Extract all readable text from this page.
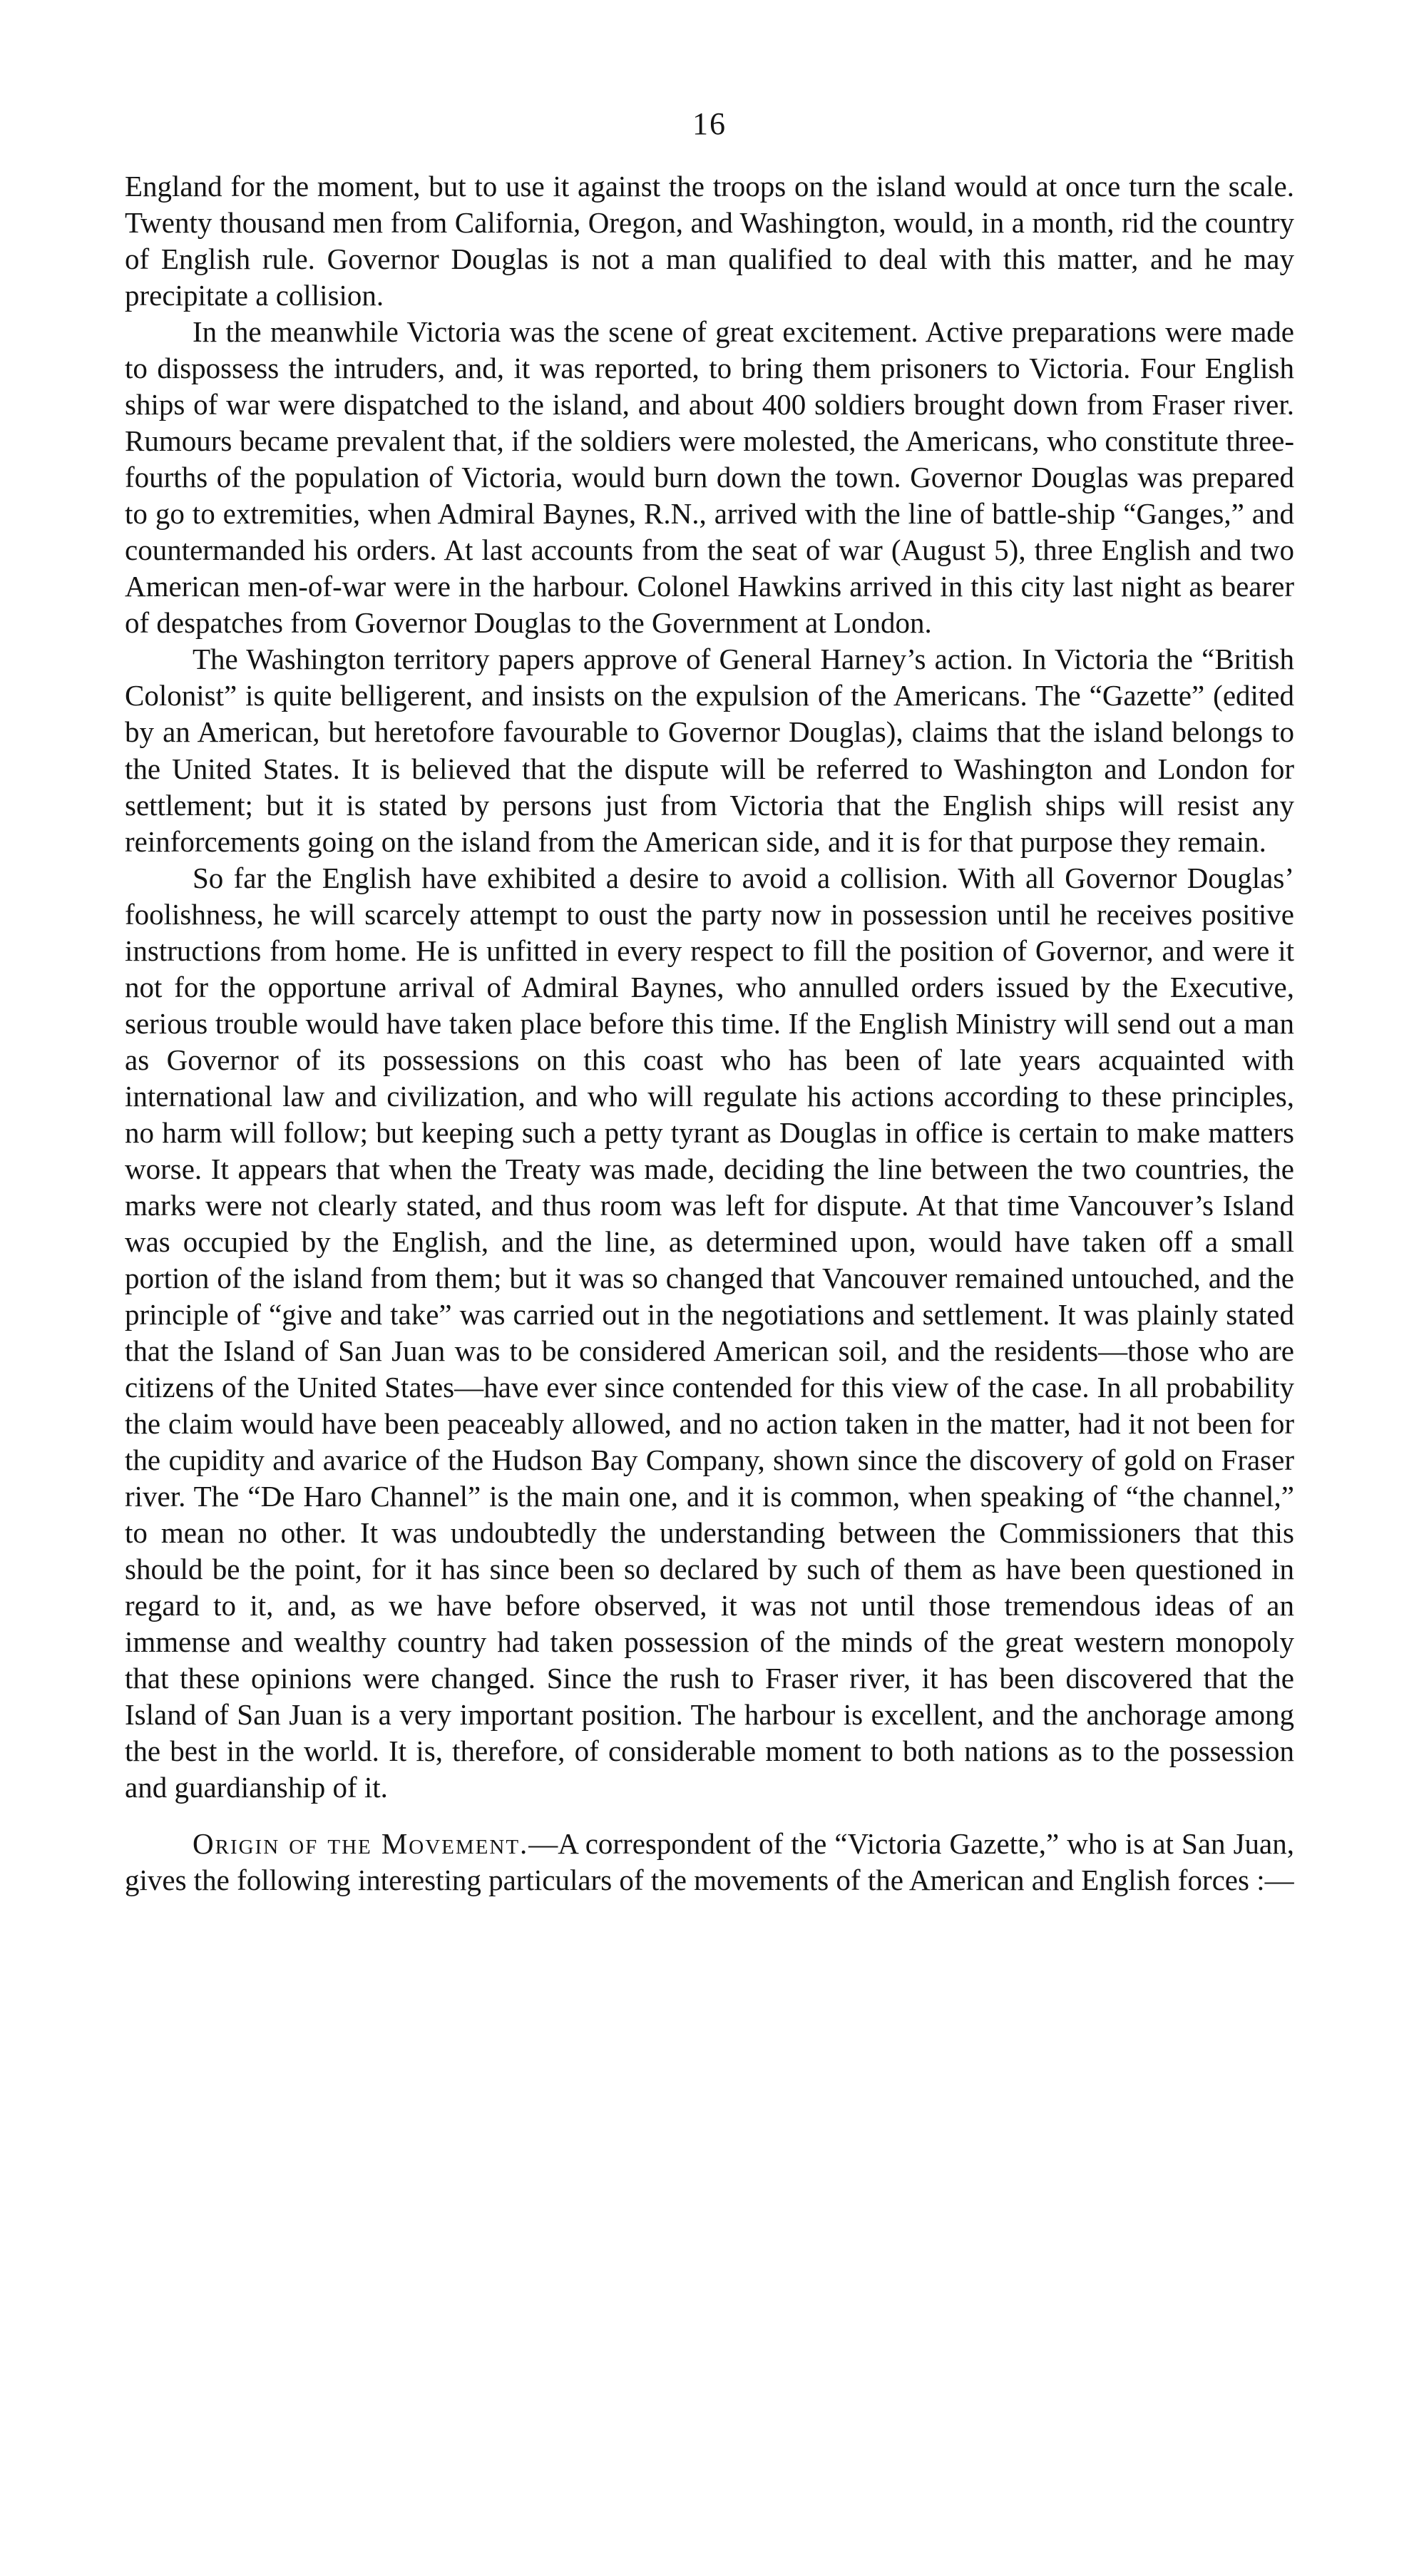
16

England for the moment, but to use it against the troops on the island would at once turn the scale. Twenty thousand men from California, Oregon, and Washington, would, in a month, rid the country of English rule. Governor Douglas is not a man qualified to deal with this matter, and he may precipitate a collision.

In the meanwhile Victoria was the scene of great excitement. Active preparations were made to dispossess the intruders, and, it was reported, to bring them prisoners to Victoria. Four English ships of war were dispatched to the island, and about 400 soldiers brought down from Fraser river. Rumours became prevalent that, if the soldiers were molested, the Americans, who constitute three-fourths of the population of Victoria, would burn down the town. Governor Douglas was prepared to go to extremities, when Admiral Baynes, R.N., arrived with the line of battle-ship “Ganges,” and countermanded his orders. At last accounts from the seat of war (August 5), three English and two American men-of-war were in the harbour. Colonel Hawkins arrived in this city last night as bearer of despatches from Governor Douglas to the Government at London.

The Washington territory papers approve of General Harney’s action. In Victoria the “British Colonist” is quite belligerent, and insists on the expulsion of the Americans. The “Gazette” (edited by an American, but heretofore favourable to Governor Douglas), claims that the island belongs to the United States. It is believed that the dispute will be referred to Washington and London for settlement; but it is stated by persons just from Victoria that the English ships will resist any reinforcements going on the island from the American side, and it is for that purpose they remain.

So far the English have exhibited a desire to avoid a collision. With all Governor Douglas’ foolishness, he will scarcely attempt to oust the party now in possession until he receives positive instructions from home. He is unfitted in every respect to fill the position of Governor, and were it not for the opportune arrival of Admiral Baynes, who annulled orders issued by the Executive, serious trouble would have taken place before this time. If the English Ministry will send out a man as Governor of its possessions on this coast who has been of late years acquainted with international law and civilization, and who will regulate his actions according to these principles, no harm will follow; but keeping such a petty tyrant as Douglas in office is certain to make matters worse. It appears that when the Treaty was made, deciding the line between the two countries, the marks were not clearly stated, and thus room was left for dispute. At that time Vancouver’s Island was occupied by the English, and the line, as determined upon, would have taken off a small portion of the island from them; but it was so changed that Vancouver remained untouched, and the principle of “give and take” was carried out in the negotiations and settlement. It was plainly stated that the Island of San Juan was to be considered American soil, and the residents—those who are citizens of the United States—have ever since contended for this view of the case. In all probability the claim would have been peaceably allowed, and no action taken in the matter, had it not been for the cupidity and avarice of the Hudson Bay Company, shown since the discovery of gold on Fraser river. The “De Haro Channel” is the main one, and it is common, when speaking of “the channel,” to mean no other. It was undoubtedly the understanding between the Commissioners that this should be the point, for it has since been so declared by such of them as have been questioned in regard to it, and, as we have before observed, it was not until those tremendous ideas of an immense and wealthy country had taken possession of the minds of the great western monopoly that these opinions were changed. Since the rush to Fraser river, it has been discovered that the Island of San Juan is a very important position. The harbour is excellent, and the anchorage among the best in the world. It is, therefore, of considerable moment to both nations as to the possession and guardianship of it.

Origin of the Movement.—A correspondent of the “Victoria Gazette,” who is at San Juan, gives the following interesting particulars of the movements of the American and English forces :—
